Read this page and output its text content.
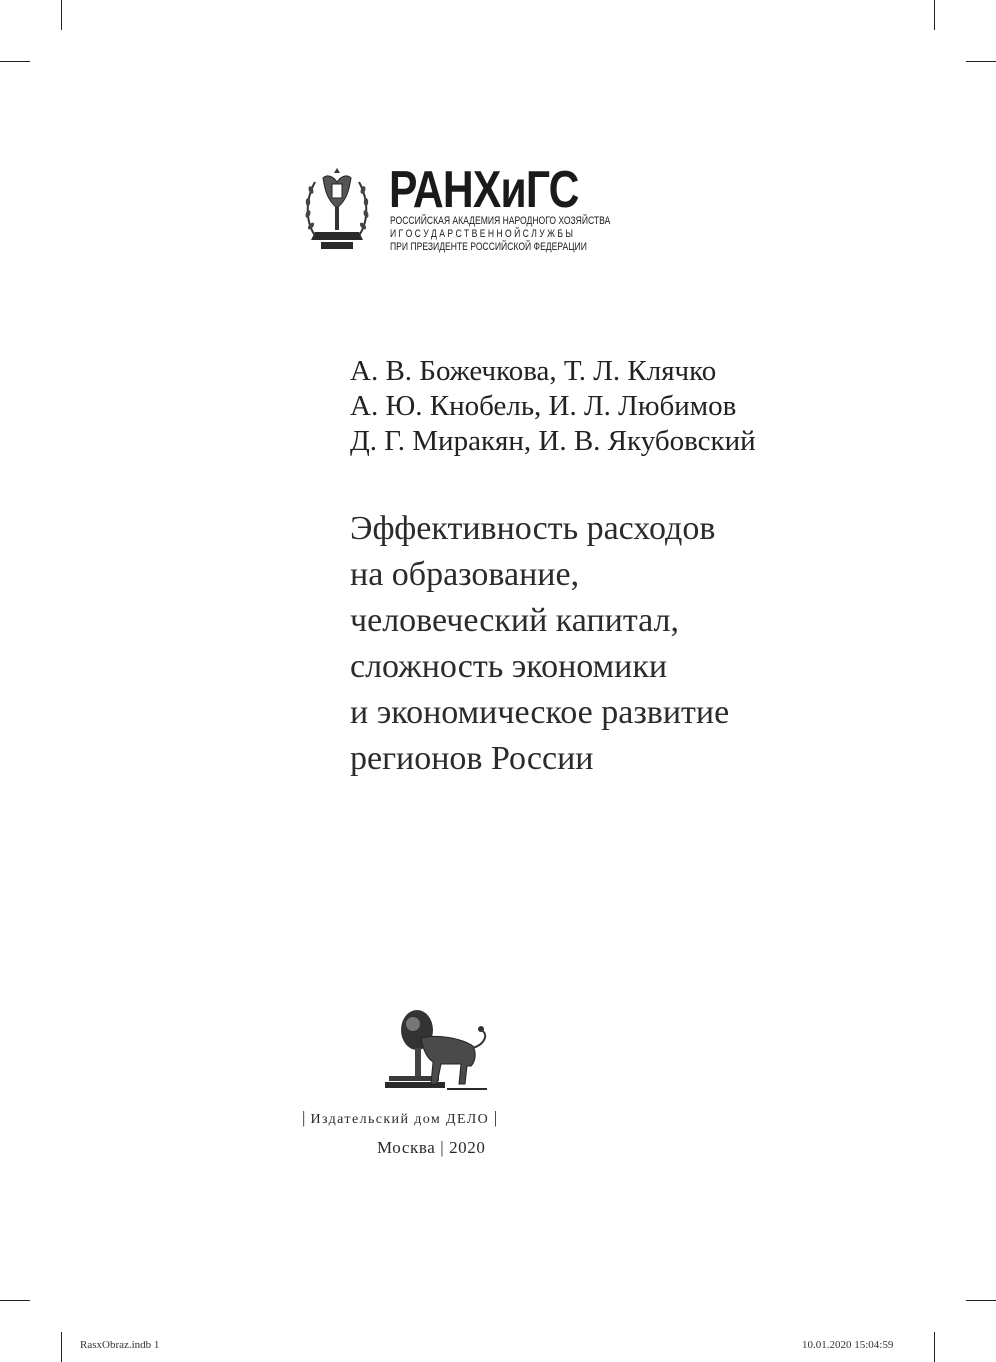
РАНХиГС
РОССИЙСКАЯ АКАДЕМИЯ НАРОДНОГО ХОЗЯЙСТВА
И Г О С У Д А Р С Т В Е Н Н О Й С Л У Ж Б Ы
ПРИ ПРЕЗИДЕНТЕ РОССИЙСКОЙ ФЕДЕРАЦИИ
А. В. Божечкова, Т. Л. Клячко
А. Ю. Кнобель, И. Л. Любимов
Д. Г. Миракян, И. В. Якубовский
Эффективность расходов
на образование,
человеческий капитал,
сложность экономики
и экономическое развитие
регионов России
| Издательский дом ДЕЛО |
Москва | 2020
RasxObraz.indb 1	10.01.2020 15:04:59
